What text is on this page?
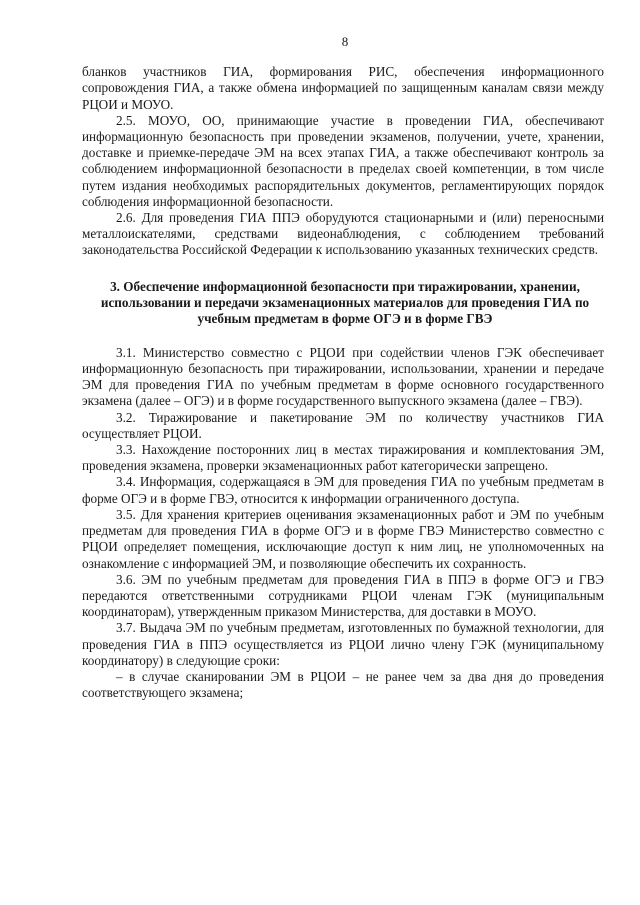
8

бланков участников ГИА, формирования РИС, обеспечения информационного сопровождения ГИА, а также обмена информацией по защищенным каналам связи между РЦОИ и МОУО.

2.5. МОУО, ОО, принимающие участие в проведении ГИА, обеспечивают информационную безопасность при проведении экзаменов, получении, учете, хранении, доставке и приемке-передаче ЭМ на всех этапах ГИА, а также обеспечивают контроль за соблюдением информационной безопасности в пределах своей компетенции, в том числе путем издания необходимых распорядительных документов, регламентирующих порядок соблюдения информационной безопасности.

2.6. Для проведения ГИА ППЭ оборудуются стационарными и (или) переносными металлоискателями, средствами видеонаблюдения, с соблюдением требований законодательства Российской Федерации к использованию указанных технических средств.

3. Обеспечение информационной безопасности при тиражировании, хранении, использовании и передачи экзаменационных материалов для проведения ГИА по учебным предметам в форме ОГЭ и в форме ГВЭ

3.1. Министерство совместно с РЦОИ при содействии членов ГЭК обеспечивает информационную безопасность при тиражировании, использовании, хранении и передаче ЭМ для проведения ГИА по учебным предметам в форме основного государственного экзамена (далее – ОГЭ) и в форме государственного выпускного экзамена (далее – ГВЭ).

3.2. Тиражирование и пакетирование ЭМ по количеству участников ГИА осуществляет РЦОИ.

3.3. Нахождение посторонних лиц в местах тиражирования и комплектования ЭМ, проведения экзамена, проверки экзаменационных работ категорически запрещено.

3.4. Информация, содержащаяся в ЭМ для проведения ГИА по учебным предметам в форме ОГЭ и в форме ГВЭ, относится к информации ограниченного доступа.

3.5. Для хранения критериев оценивания экзаменационных работ и ЭМ по учебным предметам для проведения ГИА в форме ОГЭ и в форме ГВЭ Министерство совместно с РЦОИ определяет помещения, исключающие доступ к ним лиц, не уполномоченных на ознакомление с информацией ЭМ, и позволяющие обеспечить их сохранность.

3.6. ЭМ по учебным предметам для проведения ГИА в ППЭ в форме ОГЭ и ГВЭ передаются ответственными сотрудниками РЦОИ членам ГЭК (муниципальным координаторам), утвержденным приказом Министерства, для доставки в МОУО.

3.7. Выдача ЭМ по учебным предметам, изготовленных по бумажной технологии, для проведения ГИА в ППЭ осуществляется из РЦОИ лично члену ГЭК (муниципальному координатору) в следующие сроки:

– в случае сканировании ЭМ в РЦОИ – не ранее чем за два дня до проведения соответствующего экзамена;
